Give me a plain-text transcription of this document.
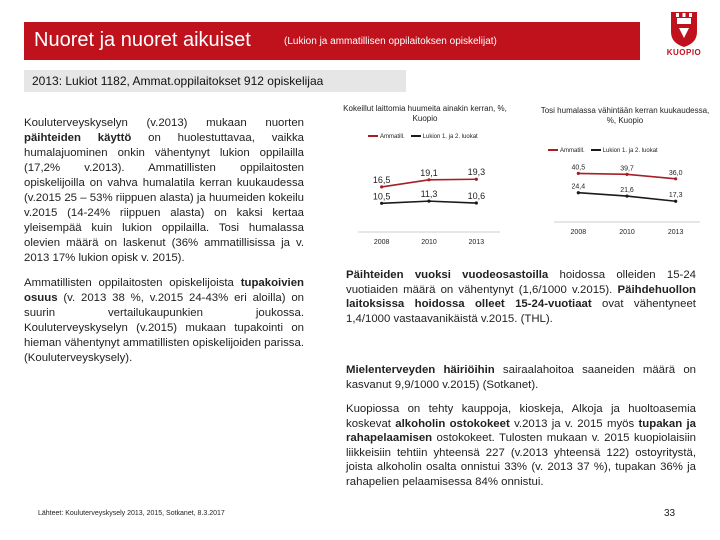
Nuoret ja nuoret aikuiset	(Lukion ja ammatillisen oppilaitoksen opiskelijat)
KUOPIO
2013: Lukiot 1182, Ammat.oppilaitokset 912 opiskelijaa

Kouluterveyskyselyn (v.2013) mukaan nuorten päihteiden käyttö on huolestuttavaa, vaikka humalajuominen onkin vähentynyt lukion oppilailla (17,2% v.2013). Ammatillisten oppilaitosten opiskelijoilla on vahva humalatila kerran kuukaudessa (v.2015 25 – 53% riippuen alasta) ja huumeiden kokeilu v.2015 (14-24% riippuen alasta) on kaksi kertaa yleisempää kuin lukion oppilailla. Tosi humalassa olevien määrä on laskenut (36% ammatillisissa ja v. 2013 17% lukion opisk v. 2015).

Ammatillisten oppilaitosten opiskelijoista tupakoivien osuus (v. 2013 38 %, v.2015 24-43% eri aloilla) on suurin vertailukaupunkien joukossa. Kouluterveyskyselyn (v.2015) mukaan tupakointi on hieman vähentynyt ammatillisten opiskelijoiden parissa. (Kouluterveyskysely).

Lähteet: Kouluterveyskysely 2013, 2015, Sotkanet, 8.3.2017
Kokeillut laittomia huumeita ainakin kerran, %, Kuopio
Ammatill.	Lukion 1. ja 2. luokat
16,5
19,1	19,3
10,5	11,3	10,6
2008	2010	2013
Tosi humalassa vähintään kerran kuukaudessa, %, Kuopio
Ammatill.	Lukion 1. ja 2. luokat
40,5	39,7
36,0
24,4	21,6
17,3
2008	2010	2013
Päihteiden vuoksi vuodeosastoilla hoidossa olleiden 15-24 vuotiaiden määrä on vähentynyt (1,6/1000 v.2015). Päihdehuollon laitoksissa hoidossa olleet 15-24-vuotiaat ovat vähentyneet 1,4/1000 vastaavanikäistä v.2015. (THL).
Mielenterveyden häiriöihin sairaalahoitoa saaneiden määrä on kasvanut 9,9/1000 v.2015) (Sotkanet).
Kuopiossa on tehty kauppoja, kioskeja, Alkoja ja huoltoasemia koskevat alkoholin ostokokeet v.2013 ja v. 2015 myös tupakan ja rahapelaamisen ostokokeet. Tulosten mukaan v. 2015 kuopiolaisiin liikkeisiin tehtiin yhteensä 227 (v.2013 yhteensä 122) ostoyritystä, joista alkoholin osalta onnistui 33% (v. 2013 37 %), tupakan 36% ja rahapelien pelaamisessa 84% onnistui.
33
